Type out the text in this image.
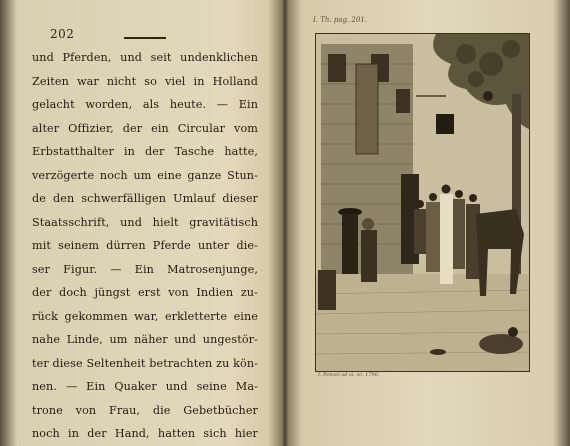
202
und Pferden, und seit undenklichen
Zeiten war nicht so viel in Holland
gelacht worden, als heute. — Ein
alter Offizier, der ein Circular vom
Erbstatthalter in der Tasche hatte,
verzögerte noch um eine ganze Stun-
de den schwerfälligen Umlauf dieser
Staatsschrift, und hielt gravitätisch
mit seinem dürren Pferde unter die-
ser Figur. — Ein Matrosenjunge,
der doch jüngst erst von Indien zu-
rück gekommen war, erkletterte eine
nahe Linde, um näher und ungestör-
ter diese Seltenheit betrachten zu kön-
nen. — Ein Quaker und seine Ma-
trone von Frau, die Gebetbücher
noch in der Hand, hatten sich hier
I. Th. pag. 201.
I. Penzel ad vi. sc. 1790.
